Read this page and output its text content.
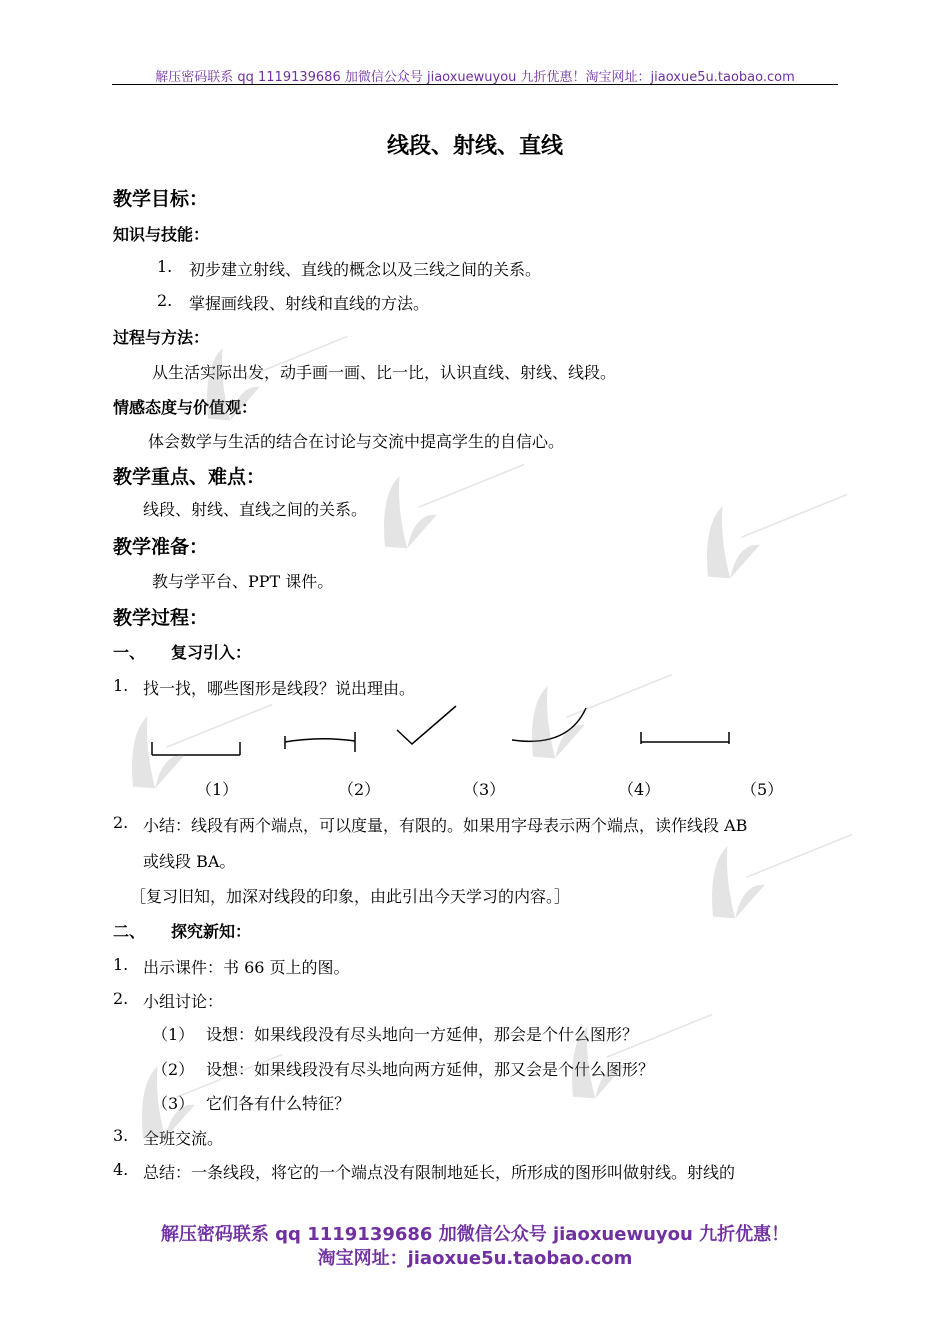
解压密码联系 qq 1119139686 加微信公众号 jiaoxuewuyou 九折优惠！淘宝网址：jiaoxue5u.taobao.com
线段、射线、直线
教学目标：
知识与技能：
1. 初步建立射线、直线的概念以及三线之间的关系。
2. 掌握画线段、射线和直线的方法。
过程与方法：
从生活实际出发，动手画一画、比一比，认识直线、射线、线段。
情感态度与价值观：
体会数学与生活的结合在讨论与交流中提高学生的自信心。
教学重点、难点：
线段、射线、直线之间的关系。
教学准备：
教与学平台、PPT 课件。
教学过程：
一、 复习引入：
1. 找一找，哪些图形是线段？说出理由。
（1）	（2）	（3）	（4）	（5）
2. 小结：线段有两个端点，可以度量，有限的。如果用字母表示两个端点，读作线段 AB
或线段 BA。
［复习旧知，加深对线段的印象，由此引出今天学习的内容。］
二、 探究新知：
1. 出示课件：书 66 页上的图。
2. 小组讨论：
（1） 设想：如果线段没有尽头地向一方延伸，那会是个什么图形？
（2） 设想：如果线段没有尽头地向两方延伸，那又会是个什么图形？
（3） 它们各有什么特征？
3. 全班交流。
4. 总结：一条线段，将它的一个端点没有限制地延长，所形成的图形叫做射线。射线的
解压密码联系 qq 1119139686 加微信公众号 jiaoxuewuyou 九折优惠！
淘宝网址：jiaoxue5u.taobao.com
